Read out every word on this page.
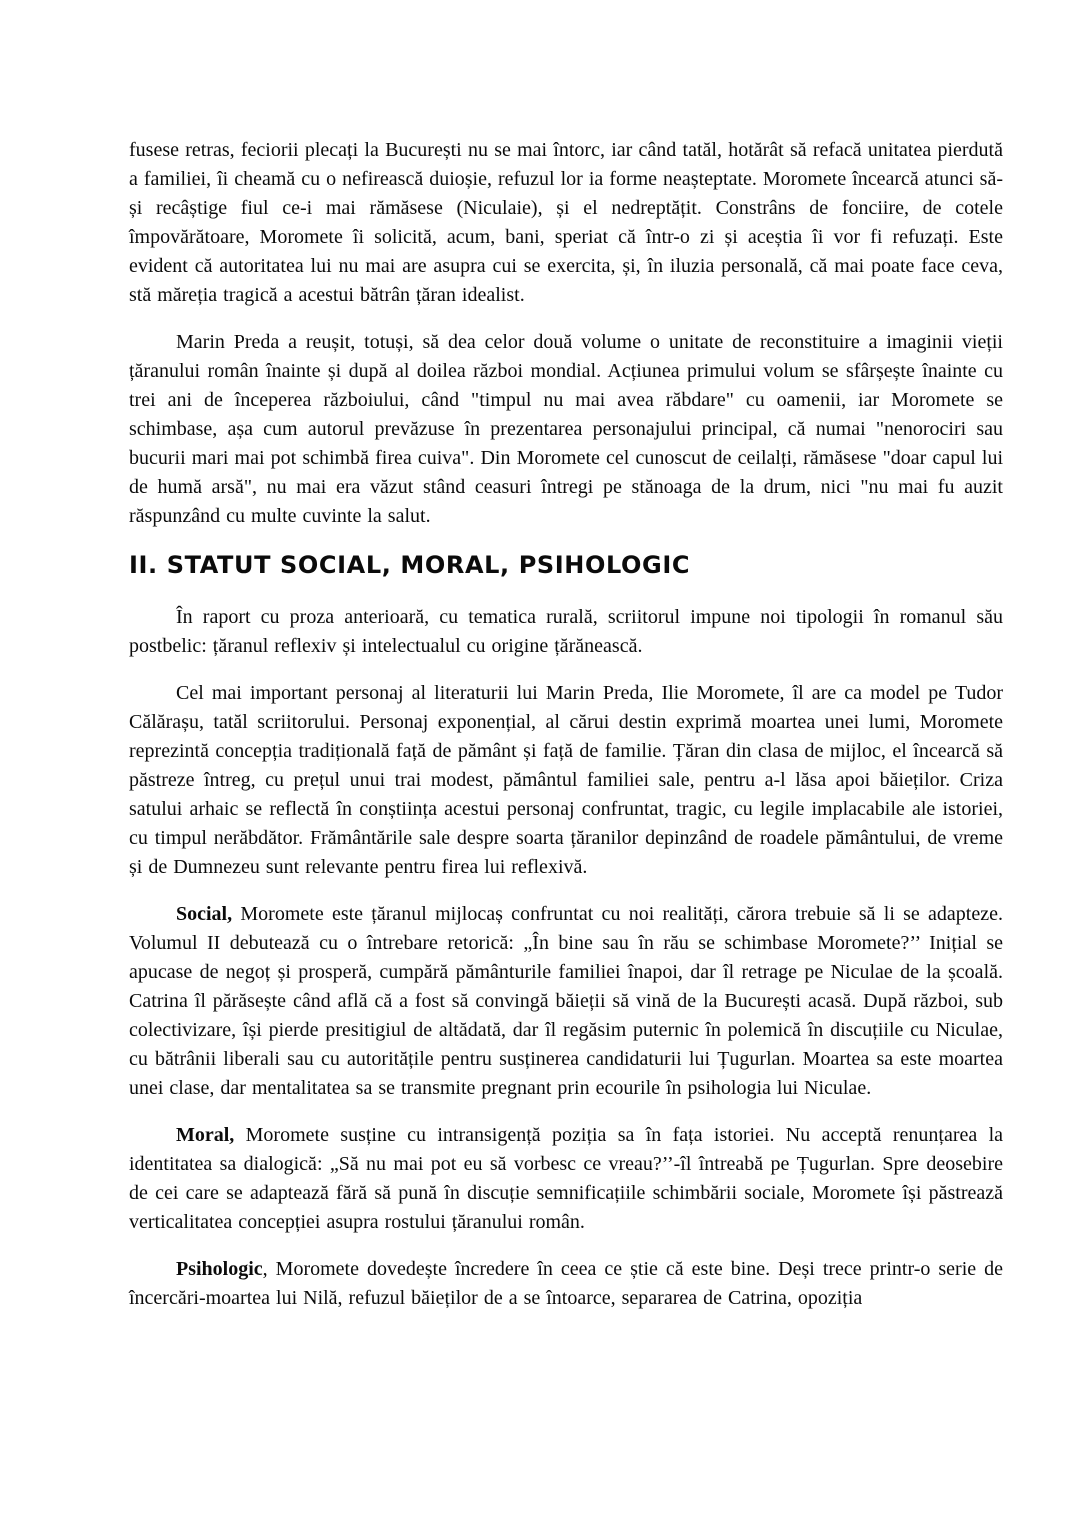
fusese retras, feciorii plecați la București nu se mai întorc, iar când tatăl, hotărât să refacă unitatea pierdută a familiei, îi cheamă cu o nefirească duioșie, refuzul lor ia forme neașteptate. Moromete încearcă atunci să-și recâștige fiul ce-i mai rămăsese (Niculaie), și el nedreptățit. Constrâns de fonciire, de cotele împovărătoare, Moromete îi solicită, acum, bani, speriat că într-o zi și aceștia îi vor fi refuzați. Este evident că autoritatea lui nu mai are asupra cui se exercita, și, în iluzia personală, că mai poate face ceva, stă măreția tragică a acestui bătrân țăran idealist.

Marin Preda a reușit, totuși, să dea celor două volume o unitate de reconstituire a imaginii vieții țăranului român înainte și după al doilea război mondial. Acțiunea primului volum se sfârșește înainte cu trei ani de începerea războiului, când "timpul nu mai avea răbdare" cu oamenii, iar Moromete se schimbase, așa cum autorul prevăzuse în prezentarea personajului principal, că numai "nenorociri sau bucurii mari mai pot schimbă firea cuiva". Din Moromete cel cunoscut de ceilalți, rămăsese "doar capul lui de humă arsă", nu mai era văzut stând ceasuri întregi pe stănoaga de la drum, nici "nu mai fu auzit răspunzând cu multe cuvinte la salut.

II. STATUT SOCIAL, MORAL, PSIHOLOGIC

În raport cu proza anterioară, cu tematica rurală, scriitorul impune noi tipologii în romanul său postbelic: țăranul reflexiv și intelectualul cu origine țărănească.

Cel mai important personaj al literaturii lui Marin Preda, Ilie Moromete, îl are ca model pe Tudor Călărașu, tatăl scriitorului. Personaj exponențial, al cărui destin exprimă moartea unei lumi, Moromete reprezintă concepția tradițională față de pământ și față de familie. Țăran din clasa de mijloc, el încearcă să păstreze întreg, cu prețul unui trai modest, pământul familiei sale, pentru a-l lăsa apoi băieților. Criza satului arhaic se reflectă în conștiința acestui personaj confruntat, tragic, cu legile implacabile ale istoriei, cu timpul nerăbdător. Frământările sale despre soarta țăranilor depinzând de roadele pământului, de vreme și de Dumnezeu sunt relevante pentru firea lui reflexivă.

Social, Moromete este țăranul mijlocaș confruntat cu noi realități, cărora trebuie să li se adapteze. Volumul II debutează cu o întrebare retorică: „În bine sau în rău se schimbase Moromete?’’ Inițial se apucase de negoț și prosperă, cumpără pământurile familiei înapoi, dar îl retrage pe Niculae de la școală. Catrina îl părăsește când află că a fost să convingă băieții să vină de la București acasă. După război, sub colectivizare, își pierde presitigiul de altădată, dar îl regăsim puternic în polemică în discuțiile cu Niculae, cu bătrânii liberali sau cu autoritățile pentru susținerea candidaturii lui Țugurlan. Moartea sa este moartea unei clase, dar mentalitatea sa se transmite pregnant prin ecourile în psihologia lui Niculae.

Moral, Moromete susține cu intransigență poziția sa în fața istoriei. Nu acceptă renunțarea la identitatea sa dialogică: „Să nu mai pot eu să vorbesc ce vreau?’’-îl întreabă pe Țugurlan. Spre deosebire de cei care se adaptează fără să pună în discuție semnificațiile schimbării sociale, Moromete își păstrează verticalitatea concepției asupra rostului țăranului român.

Psihologic, Moromete dovedește încredere în ceea ce știe că este bine. Deși trece printr-o serie de încercări-moartea lui Nilă, refuzul băieților de a se întoarce, separarea de Catrina, opoziția
